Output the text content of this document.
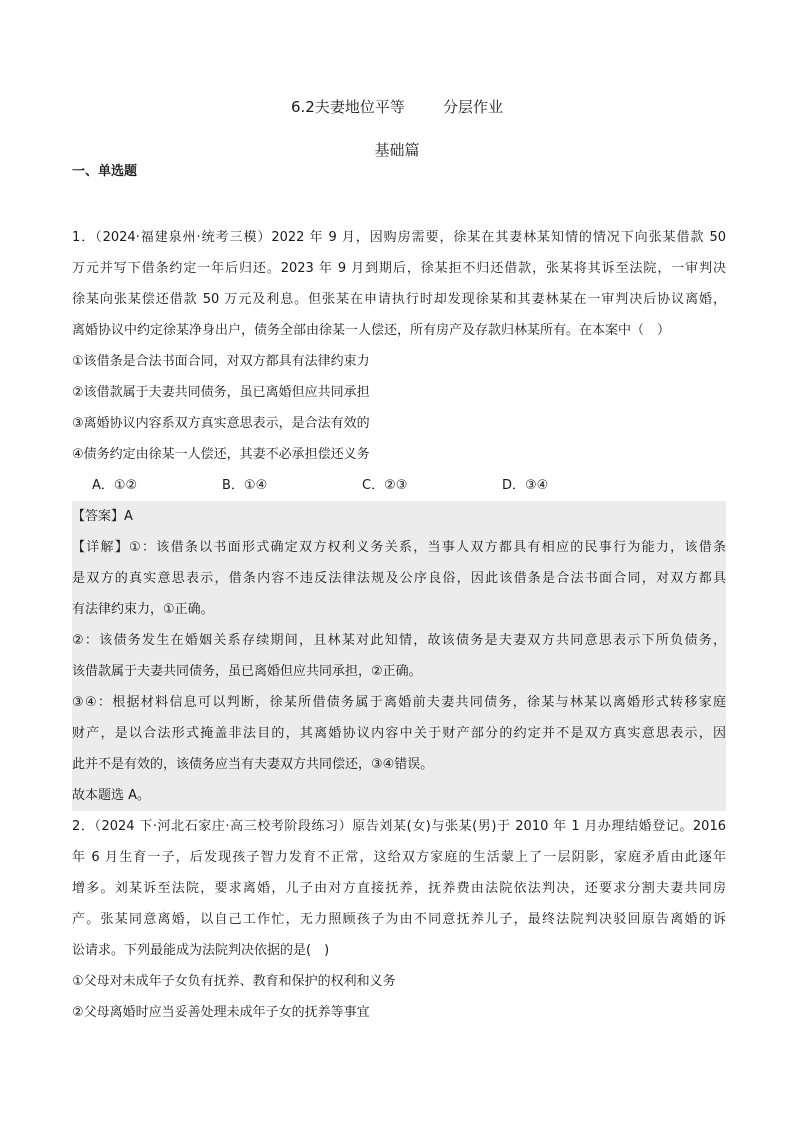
6.2夫妻地位平等        分层作业
基础篇
一、单选题
1．（2024·福建泉州·统考三模）2022 年 9 月，因购房需要，徐某在其妻林某知情的情况下向张某借款 50
万元并写下借条约定一年后归还。2023 年 9 月到期后，徐某拒不归还借款，张某将其诉至法院，一审判决
徐某向张某偿还借款 50 万元及利息。但张某在申请执行时却发现徐某和其妻林某在一审判决后协议离婚，
离婚协议中约定徐某净身出户，债务全部由徐某一人偿还，所有房产及存款归林某所有。在本案中（　）
①该借条是合法书面合同，对双方都具有法律约束力
②该借款属于夫妻共同债务，虽已离婚但应共同承担
③离婚协议内容系双方真实意思表示，是合法有效的
④债务约定由徐某一人偿还，其妻不必承担偿还义务
A．①②	B．①④	C．②③	D．③④
【答案】A
【详解】①：该借条以书面形式确定双方权利义务关系，当事人双方都具有相应的民事行为能力，该借条
是双方的真实意思表示，借条内容不违反法律法规及公序良俗，因此该借条是合法书面合同，对双方都具
有法律约束力，①正确。
②：该债务发生在婚姻关系存续期间，且林某对此知情，故该债务是夫妻双方共同意思表示下所负债务，
该借款属于夫妻共同债务，虽已离婚但应共同承担，②正确。
③④：根据材料信息可以判断，徐某所借债务属于离婚前夫妻共同债务，徐某与林某以离婚形式转移家庭
财产，是以合法形式掩盖非法目的，其离婚协议内容中关于财产部分的约定并不是双方真实意思表示，因
此并不是有效的，该债务应当有夫妻双方共同偿还，③④错误。
故本题选 A。
2．（2024 下·河北石家庄·高三校考阶段练习）原告刘某(女)与张某(男)于 2010 年 1 月办理结婚登记。2016
年 6 月生育一子，后发现孩子智力发育不正常，这给双方家庭的生活蒙上了一层阴影，家庭矛盾由此逐年
增多。刘某诉至法院，要求离婚，儿子由对方直接抚养，抚养费由法院依法判决，还要求分割夫妻共同房
产。张某同意离婚，以自己工作忙，无力照顾孩子为由不同意抚养儿子，最终法院判决驳回原告离婚的诉
讼请求。下列最能成为法院判决依据的是(　)
①父母对未成年子女负有抚养、教育和保护的权利和义务
②父母离婚时应当妥善处理未成年子女的抚养等事宜
